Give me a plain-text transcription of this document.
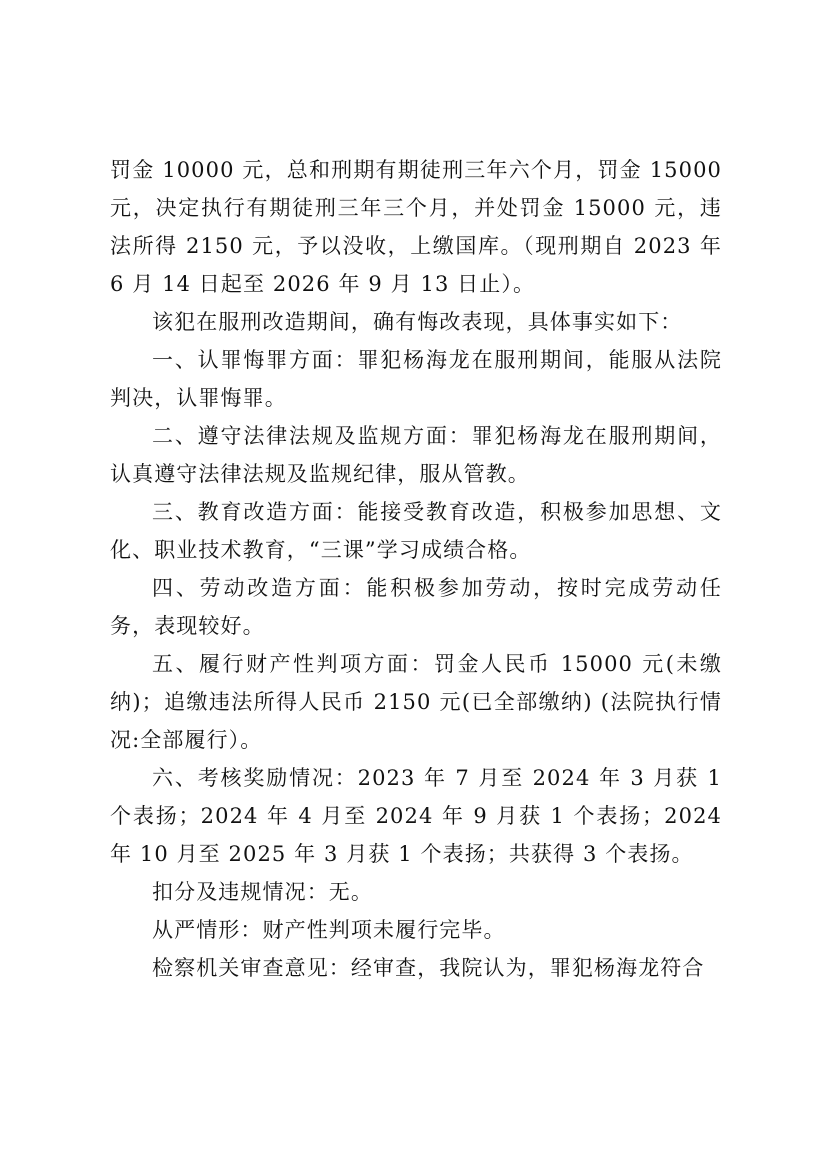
罚金 10000 元，总和刑期有期徒刑三年六个月，罚金 15000 元，决定执行有期徒刑三年三个月，并处罚金 15000 元，违法所得 2150 元，予以没收，上缴国库。（现刑期自 2023 年 6 月 14 日起至 2026 年 9 月 13 日止）。

该犯在服刑改造期间，确有悔改表现，具体事实如下：

一、认罪悔罪方面：罪犯杨海龙在服刑期间，能服从法院判决，认罪悔罪。

二、遵守法律法规及监规方面：罪犯杨海龙在服刑期间，认真遵守法律法规及监规纪律，服从管教。

三、教育改造方面：能接受教育改造，积极参加思想、文化、职业技术教育，“三课”学习成绩合格。

四、劳动改造方面：能积极参加劳动，按时完成劳动任务，表现较好。

五、履行财产性判项方面：罚金人民币 15000 元(未缴纳)；追缴违法所得人民币 2150 元(已全部缴纳) (法院执行情况:全部履行）。

六、考核奖励情况：2023 年 7 月至 2024 年 3 月获 1 个表扬；2024 年 4 月至 2024 年 9 月获 1 个表扬；2024 年 10 月至 2025 年 3 月获 1 个表扬；共获得 3 个表扬。

扣分及违规情况：无。

从严情形：财产性判项未履行完毕。

检察机关审查意见：经审查，我院认为，罪犯杨海龙符合
